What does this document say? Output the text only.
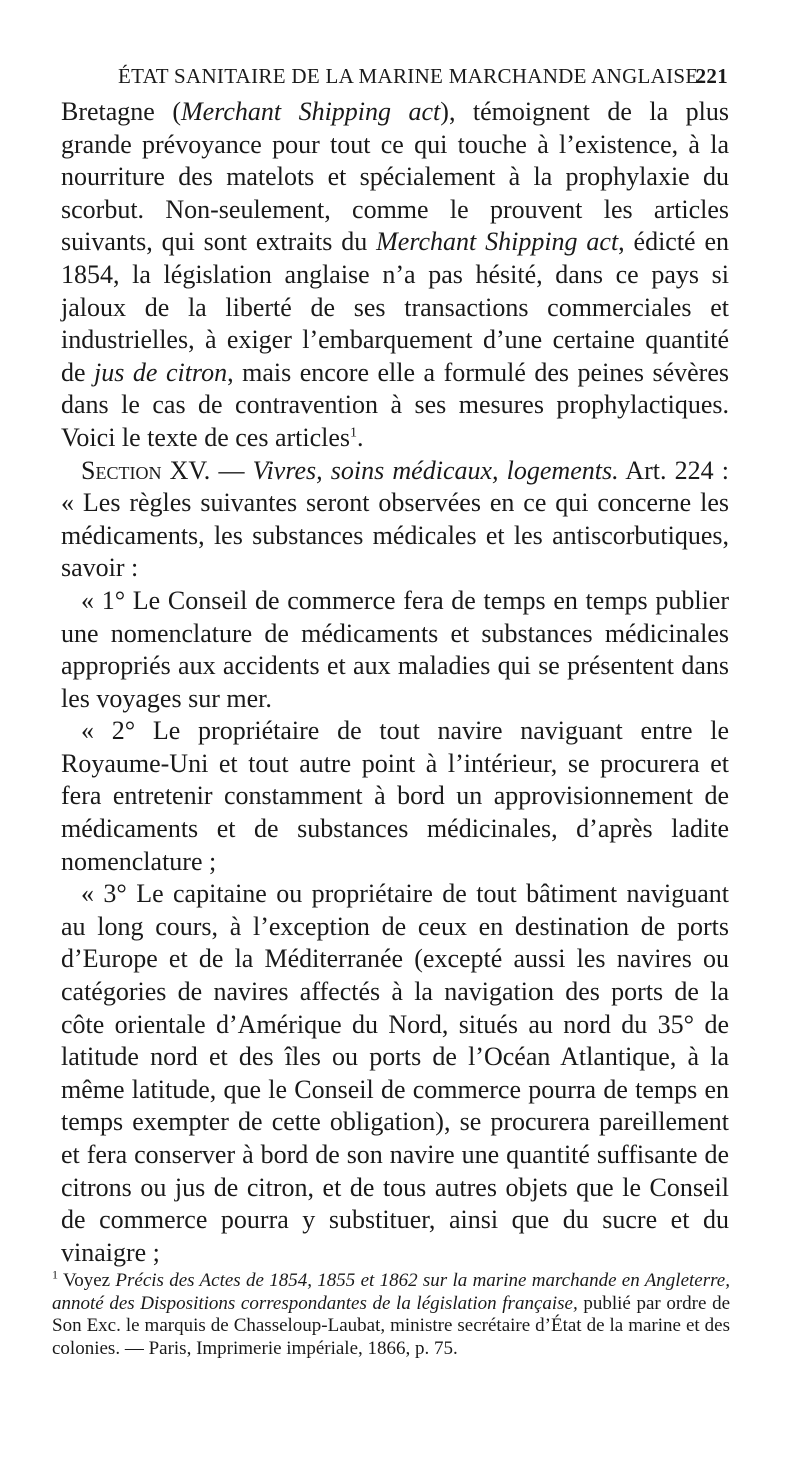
ÉTAT SANITAIRE DE LA MARINE MARCHANDE ANGLAISE.
221

Bretagne (Merchant Shipping act), témoignent de la plus grande prévoyance pour tout ce qui touche à l’existence, à la nourriture des matelots et spécialement à la prophylaxie du scorbut. Non-seulement, comme le prouvent les articles suivants, qui sont extraits du Merchant Shipping act, édicté en 1854, la législation anglaise n’a pas hésité, dans ce pays si jaloux de la liberté de ses transactions commerciales et industrielles, à exiger l’embarquement d’une certaine quantité de jus de citron, mais encore elle a formulé des peines sévères dans le cas de contravention à ses mesures prophylactiques. Voici le texte de ces articles$^1$.

Section XV. — Vivres, soins médicaux, logements. Art. 224 : « Les règles suivantes seront observées en ce qui concerne les médicaments, les substances médicales et les antiscorbutiques, savoir :

« 1° Le Conseil de commerce fera de temps en temps publier une nomenclature de médicaments et substances médicinales appropriés aux accidents et aux maladies qui se présentent dans les voyages sur mer.

« 2° Le propriétaire de tout navire naviguant entre le Royaume-Uni et tout autre point à l’intérieur, se procurera et fera entretenir constamment à bord un approvisionnement de médicaments et de substances médicinales, d’après ladite nomenclature ;

« 3° Le capitaine ou propriétaire de tout bâtiment naviguant au long cours, à l’exception de ceux en destination de ports d’Europe et de la Méditerranée (excepté aussi les navires ou catégories de navires affectés à la navigation des ports de la côte orientale d’Amérique du Nord, situés au nord du 35° de latitude nord et des îles ou ports de l’Océan Atlantique, à la même latitude, que le Conseil de commerce pourra de temps en temps exempter de cette obligation), se procurera pareillement et fera conserver à bord de son navire une quantité suffisante de citrons ou jus de citron, et de tous autres objets que le Conseil de commerce pourra y substituer, ainsi que du sucre et du vinaigre ;

$^1$ Voyez Précis des Actes de 1854, 1855 et 1862 sur la marine marchande en Angleterre, annoté des Dispositions correspondantes de la législation française, publié par ordre de Son Exc. le marquis de Chasseloup-Laubat, ministre secrétaire d’État de la marine et des colonies. — Paris, Imprimerie impériale, 1866, p. 75.
